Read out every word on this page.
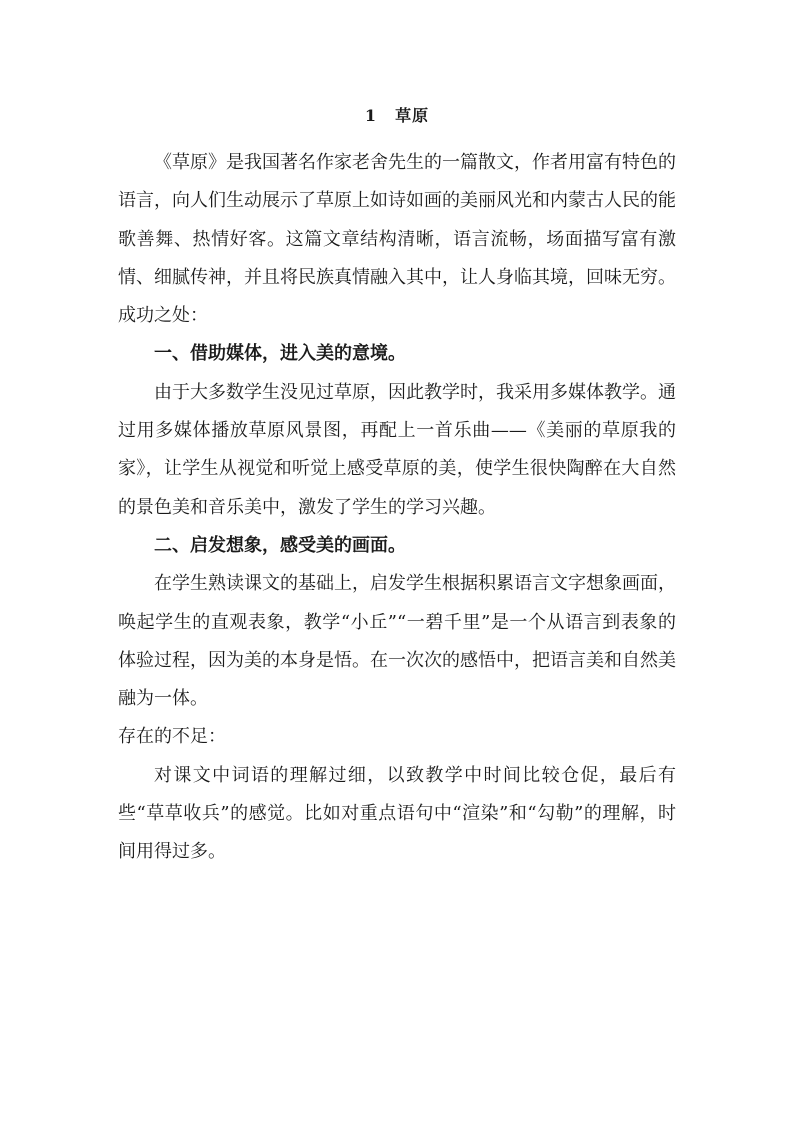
1 草原

《草原》是我国著名作家老舍先生的一篇散文，作者用富有特色的语言，向人们生动展示了草原上如诗如画的美丽风光和内蒙古人民的能歌善舞、热情好客。这篇文章结构清晰，语言流畅，场面描写富有激情、细腻传神，并且将民族真情融入其中，让人身临其境，回味无穷。

成功之处：

一、借助媒体，进入美的意境。

由于大多数学生没见过草原，因此教学时，我采用多媒体教学。通过用多媒体播放草原风景图，再配上一首乐曲——《美丽的草原我的家》，让学生从视觉和听觉上感受草原的美，使学生很快陶醉在大自然的景色美和音乐美中，激发了学生的学习兴趣。

二、启发想象，感受美的画面。

在学生熟读课文的基础上，启发学生根据积累语言文字想象画面，唤起学生的直观表象，教学“小丘”“一碧千里”是一个从语言到表象的体验过程，因为美的本身是悟。在一次次的感悟中，把语言美和自然美融为一体。

存在的不足：

对课文中词语的理解过细，以致教学中时间比较仓促，最后有些“草草收兵”的感觉。比如对重点语句中“渲染”和“勾勒”的理解，时间用得过多。
